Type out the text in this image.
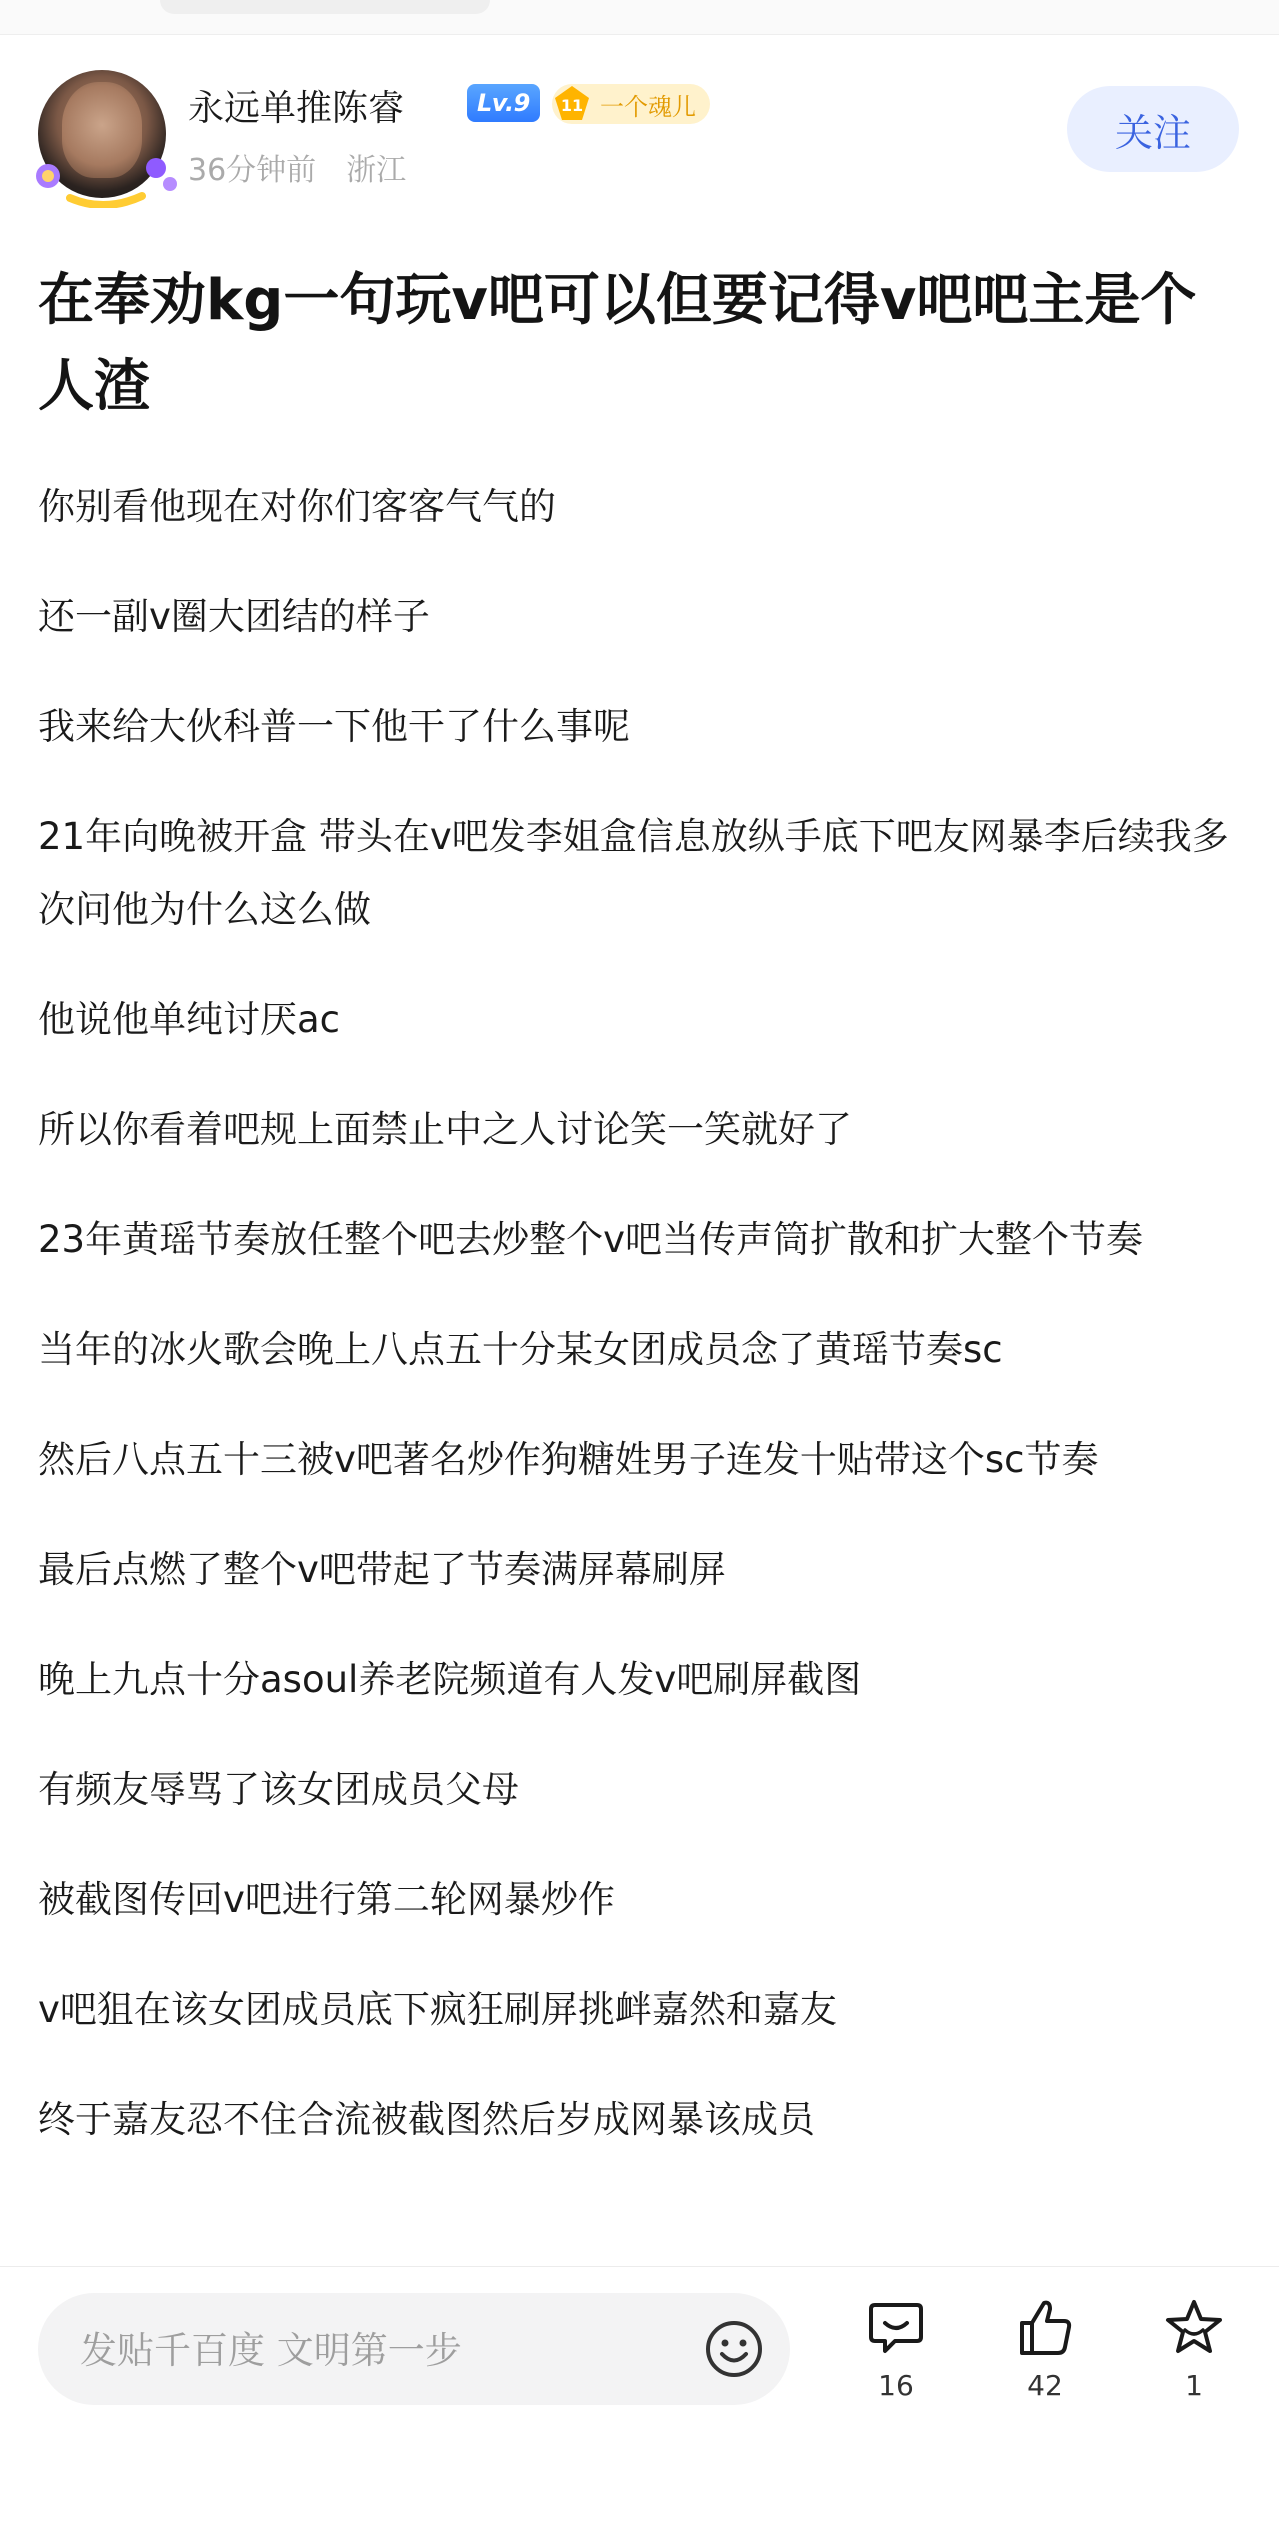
永远单推陈睿	Lv.9	11 一个魂儿
36分钟前 浙江
关注
在奉劝kg一句玩v吧可以但要记得v吧吧主是个人渣

你别看他现在对你们客客气气的

还一副v圈大团结的样子

我来给大伙科普一下他干了什么事呢

21年向晚被开盒 带头在v吧发李姐盒信息放纵手底下吧友网暴李后续我多次问他为什么这么做

他说他单纯讨厌ac

所以你看着吧规上面禁止中之人讨论笑一笑就好了

23年黄瑶节奏放任整个吧去炒整个v吧当传声筒扩散和扩大整个节奏

当年的冰火歌会晚上八点五十分某女团成员念了黄瑶节奏sc

然后八点五十三被v吧著名炒作狗糖姓男子连发十贴带这个sc节奏

最后点燃了整个v吧带起了节奏满屏幕刷屏

晚上九点十分asoul养老院频道有人发v吧刷屏截图

有频友辱骂了该女团成员父母

被截图传回v吧进行第二轮网暴炒作

v吧狙在该女团成员底下疯狂刷屏挑衅嘉然和嘉友

终于嘉友忍不住合流被截图然后岁成网暴该成员

发贴千百度 文明第一步
16	42	1
